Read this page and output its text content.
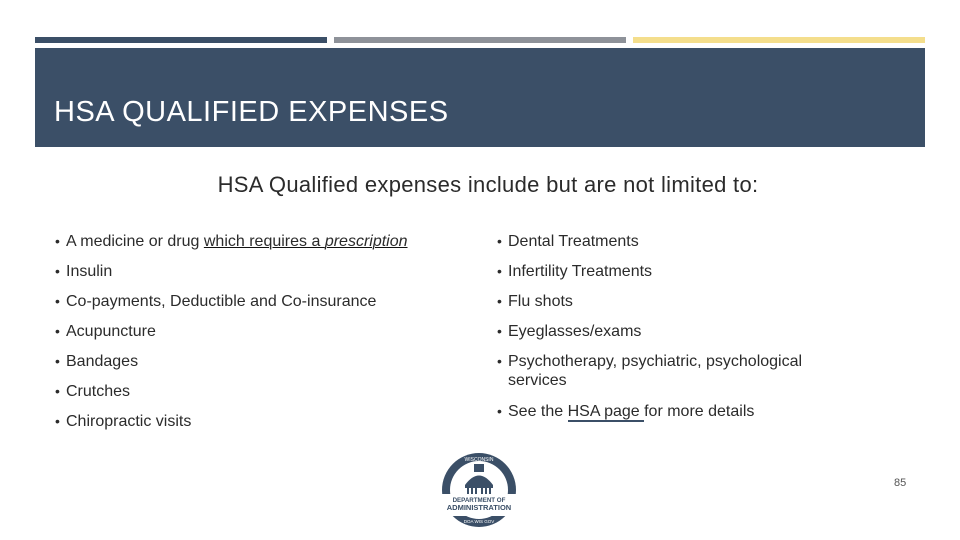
HSA QUALIFIED EXPENSES
HSA Qualified expenses include but are not limited to:
• A medicine or drug which requires a prescription
• Insulin
• Co-payments, Deductible and Co-insurance
• Acupuncture
• Bandages
• Crutches
• Chiropractic visits
• Dental Treatments
• Infertility Treatments
• Flu shots
• Eyeglasses/exams
• Psychotherapy, psychiatric, psychological services
• See the HSA page for more details
WISCONSIN
DEPARTMENT OF
ADMINISTRATION
DOA WIS GOV
85
